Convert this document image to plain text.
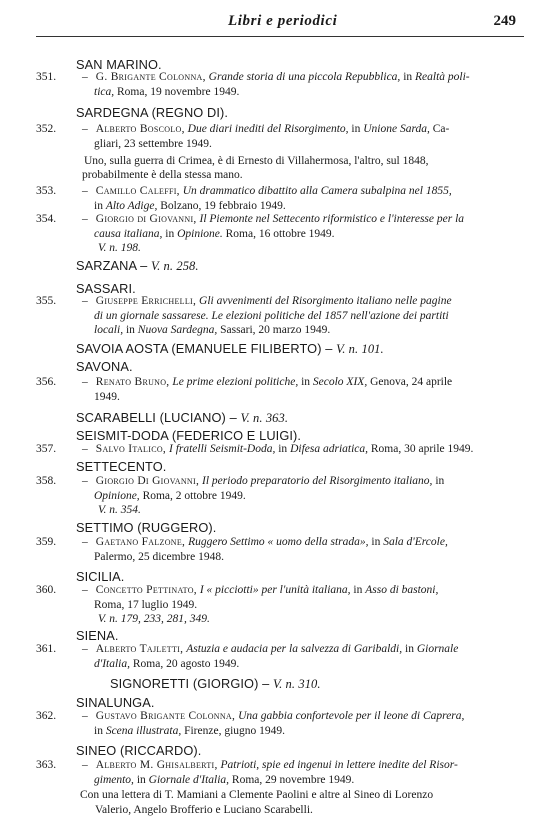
Libri e periodici	249
SAN MARINO.
351. – G. Brigante Colonna, Grande storia di una piccola Repubblica, in Realtà poli-
tica, Roma, 19 novembre 1949.
SARDEGNA (REGNO DI).
352. – Alberto Boscolo, Due diari inediti del Risorgimento, in Unione Sarda, Ca-
gliari, 23 settembre 1949.
Uno, sulla guerra di Crimea, è di Ernesto di Villahermosa, l'altro, sul 1848,
probabilmente è della stessa mano.
353. – Camillo Caleffi, Un drammatico dibattito alla Camera subalpina nel 1855,
in Alto Adige, Bolzano, 19 febbraio 1949.
354. – Giorgio di Giovanni, Il Piemonte nel Settecento riformistico e l'interesse per la
causa italiana, in Opinione. Roma, 16 ottobre 1949.
V. n. 198.
SARZANA – V. n. 258.
SASSARI.
355. – Giuseppe Errichelli, Gli avvenimenti del Risorgimento italiano nelle pagine
di un giornale sassarese. Le elezioni politiche del 1857 nell'azione dei partiti
locali, in Nuova Sardegna, Sassari, 20 marzo 1949.
SAVOIA AOSTA (EMANUELE FILIBERTO) – V. n. 101.
SAVONA.
356. – Renato Bruno, Le prime elezioni politiche, in Secolo XIX, Genova, 24 aprile
1949.
SCARABELLI (LUCIANO) – V. n. 363.
SEISMIT-DODA (FEDERICO E LUIGI).
357. – Salvo Italico, I fratelli Seismit-Doda, in Difesa adriatica, Roma, 30 aprile 1949.
SETTECENTO.
358. – Giorgio Di Giovanni, Il periodo preparatorio del Risorgimento italiano, in
Opinione, Roma, 2 ottobre 1949.
V. n. 354.
SETTIMO (RUGGERO).
359. – Gaetano Falzone, Ruggero Settimo « uomo della strada», in Sala d'Ercole,
Palermo, 25 dicembre 1948.
SICILIA.
360. – Concetto Pettinato, I « picciotti» per l'unità italiana, in Asso di bastoni,
Roma, 17 luglio 1949.
V. n. 179, 233, 281, 349.
SIENA.
361. – Alberto Tajletti, Astuzia e audacia per la salvezza di Garibaldi, in Giornale
d'Italia, Roma, 20 agosto 1949.
SIGNORETTI (GIORGIO) – V. n. 310.
SINALUNGA.
362. – Gustavo Brigante Colonna, Una gabbia confortevole per il leone di Caprera,
in Scena illustrata, Firenze, giugno 1949.
SINEO (RICCARDO).
363. – Alberto M. Ghisalberti, Patrioti, spie ed ingenui in lettere inedite del Risor-
gimento, in Giornale d'Italia, Roma, 29 novembre 1949.
Con una lettera di T. Mamiani a Clemente Paolini e altre al Sineo di Lorenzo
Valerio, Angelo Brofferio e Luciano Scarabelli.
